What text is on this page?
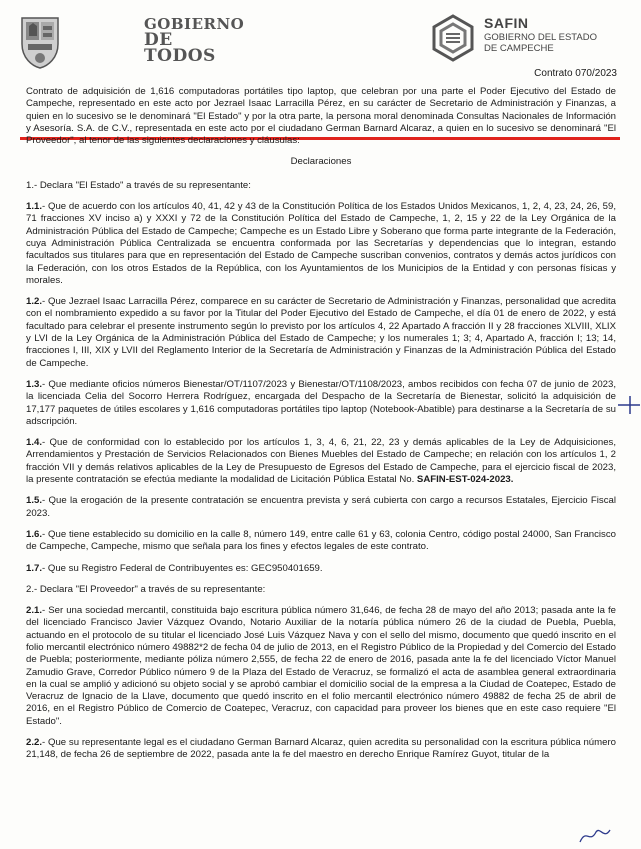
GOBIERNO
DE TODOS
SAFIN
GOBIERNO DEL ESTADO
DE CAMPECHE
Contrato 070/2023

Contrato de adquisición de 1,616 computadoras portátiles tipo laptop, que celebran por una parte el Poder Ejecutivo del Estado de Campeche, representado en este acto por Jezrael Isaac Larracilla Pérez, en su carácter de Secretario de Administración y Finanzas, a quien en lo sucesivo se le denominará "El Estado" y por la otra parte, la persona moral denominada Consultas Nacionales de Información y Asesoría. S.A. de C.V., representada en este acto por el ciudadano German Barnard Alcaraz, a quien en lo sucesivo se denominará "El Proveedor", al tenor de las siguientes declaraciones y cláusulas:

Declaraciones

1.- Declara "El Estado" a través de su representante:

1.1.- Que de acuerdo con los artículos 40, 41, 42 y 43 de la Constitución Política de los Estados Unidos Mexicanos, 1, 2, 4, 23, 24, 26, 59, 71 fracciones XV inciso a) y XXXI y 72 de la Constitución Política del Estado de Campeche, 1, 2, 15 y 22 de la Ley Orgánica de la Administración Pública del Estado de Campeche; Campeche es un Estado Libre y Soberano que forma parte integrante de la Federación, cuya Administración Pública Centralizada se encuentra conformada por las Secretarías y dependencias que lo integran, estando facultados sus titulares para que en representación del Estado de Campeche suscriban convenios, contratos y demás actos jurídicos con la Federación, con los otros Estados de la República, con los Ayuntamientos de los Municipios de la Entidad y con personas físicas y morales.

1.2.- Que Jezrael Isaac Larracilla Pérez, comparece en su carácter de Secretario de Administración y Finanzas, personalidad que acredita con el nombramiento expedido a su favor por la Titular del Poder Ejecutivo del Estado de Campeche, el día 01 de enero de 2022, y está facultado para celebrar el presente instrumento según lo previsto por los artículos 4, 22 Apartado A fracción II y 28 fracciones XLVIII, XLIX y LVI de la Ley Orgánica de la Administración Pública del Estado de Campeche; y los numerales 1; 3; 4, Apartado A, fracción I; 13; 14, fracciones I, III, XIX y LVII del Reglamento Interior de la Secretaría de Administración y Finanzas de la Administración Pública del Estado de Campeche.

1.3.- Que mediante oficios números Bienestar/OT/1107/2023 y Bienestar/OT/1108/2023, ambos recibidos con fecha 07 de junio de 2023, la licenciada Celia del Socorro Herrera Rodríguez, encargada del Despacho de la Secretaría de Bienestar, solicitó la adquisición de 17,177 paquetes de útiles escolares y 1,616 computadoras portátiles tipo laptop (Notebook-Abatible) para destinarse a la Secretaría de su adscripción.

1.4.- Que de conformidad con lo establecido por los artículos 1, 3, 4, 6, 21, 22, 23 y demás aplicables de la Ley de Adquisiciones, Arrendamientos y Prestación de Servicios Relacionados con Bienes Muebles del Estado de Campeche; en relación con los artículos 1, 2 fracción VII y demás relativos aplicables de la Ley de Presupuesto de Egresos del Estado de Campeche, para el ejercicio fiscal de 2023, la presente contratación se efectúa mediante la modalidad de Licitación Pública Estatal No. SAFIN-EST-024-2023.

1.5.- Que la erogación de la presente contratación se encuentra prevista y será cubierta con cargo a recursos Estatales, Ejercicio Fiscal 2023.

1.6.- Que tiene establecido su domicilio en la calle 8, número 149, entre calle 61 y 63, colonia Centro, código postal 24000, San Francisco de Campeche, Campeche, mismo que señala para los fines y efectos legales de este contrato.

1.7.- Que su Registro Federal de Contribuyentes es: GEC950401659.

2.- Declara "El Proveedor" a través de su representante:

2.1.- Ser una sociedad mercantil, constituida bajo escritura pública número 31,646, de fecha 28 de mayo del año 2013; pasada ante la fe del licenciado Francisco Javier Vázquez Ovando, Notario Auxiliar de la notaría pública número 26 de la ciudad de Puebla, Puebla, actuando en el protocolo de su titular el licenciado José Luis Vázquez Nava y con el sello del mismo, documento que quedó inscrito en el folio mercantil electrónico número 49882*2 de fecha 04 de julio de 2013, en el Registro Público de la Propiedad y del Comercio del Estado de Puebla; posteriormente, mediante póliza número 2,555, de fecha 22 de enero de 2016, pasada ante la fe del licenciado Víctor Manuel Zamudio Grave, Corredor Público número 9 de la Plaza del Estado de Veracruz, se formalizó el acta de asamblea general extraordinaria en la cual se amplió y adicionó su objeto social y se aprobó cambiar el domicilio social de la empresa a la Ciudad de Coatepec, Estado de Veracruz de Ignacio de la Llave, documento que quedó inscrito en el folio mercantil electrónico número 49882 de fecha 25 de abril de 2016, en el Registro Público de Comercio de Coatepec, Veracruz, con capacidad para proveer los bienes que en este caso requiere "El Estado".

2.2.- Que su representante legal es el ciudadano German Barnard Alcaraz, quien acredita su personalidad con la escritura pública número 21,148, de fecha 26 de septiembre de 2022, pasada ante la fe del maestro en derecho Enrique Ramírez Guyot, titular de la
